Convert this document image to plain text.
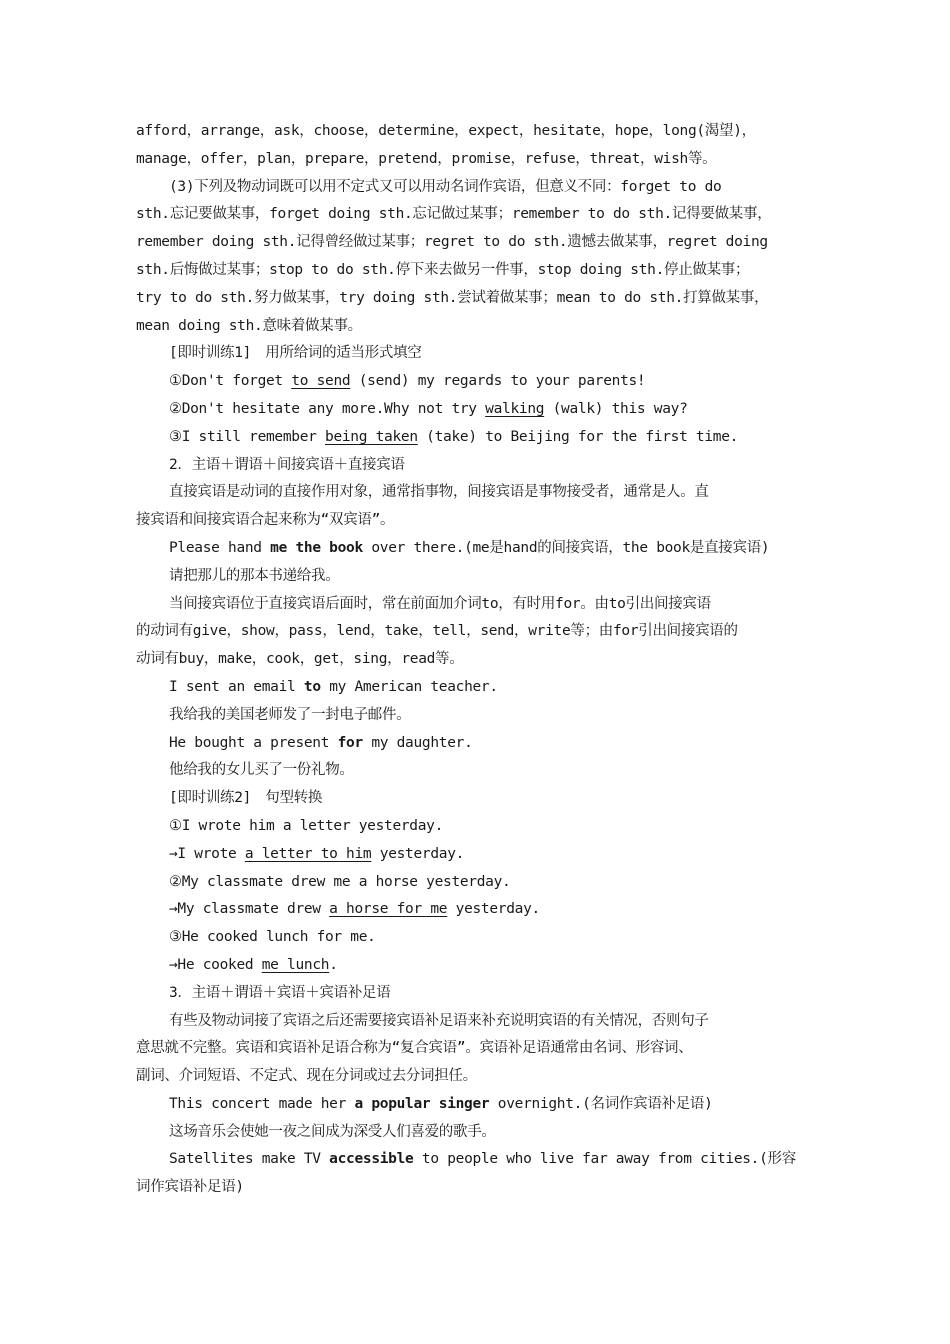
afford，arrange，ask，choose，determine，expect，hesitate，hope，long(渴望)，
manage，offer，plan，prepare，pretend，promise，refuse，threat，wish等。
(3)下列及物动词既可以用不定式又可以用动名词作宾语，但意义不同：forget to do
sth.忘记要做某事，forget doing sth.忘记做过某事；remember to do sth.记得要做某事，
remember doing sth.记得曾经做过某事；regret to do sth.遗憾去做某事，regret doing
sth.后悔做过某事；stop to do sth.停下来去做另一件事，stop doing sth.停止做某事；
try to do sth.努力做某事，try doing sth.尝试着做某事；mean to do sth.打算做某事，
mean doing sth.意味着做某事。
[即时训练1]　用所给词的适当形式填空
①Don't forget to send (send) my regards to your parents!
②Don't hesitate any more.Why not try walking (walk) this way?
③I still remember being taken (take) to Beijing for the first time.
2．主语＋谓语＋间接宾语＋直接宾语
直接宾语是动词的直接作用对象，通常指事物，间接宾语是事物接受者，通常是人。直
接宾语和间接宾语合起来称为“双宾语”。
Please hand me the book over there.(me是hand的间接宾语，the book是直接宾语)
请把那儿的那本书递给我。
当间接宾语位于直接宾语后面时，常在前面加介词to，有时用for。由to引出间接宾语
的动词有give，show，pass，lend，take，tell，send，write等；由for引出间接宾语的
动词有buy，make，cook，get，sing，read等。
I sent an email to my American teacher.
我给我的美国老师发了一封电子邮件。
He bought a present for my daughter.
他给我的女儿买了一份礼物。
[即时训练2]　句型转换
①I wrote him a letter yesterday.
→I wrote a letter to him yesterday.
②My classmate drew me a horse yesterday.
→My classmate drew a horse for me yesterday.
③He cooked lunch for me.
→He cooked me lunch.
3．主语＋谓语＋宾语＋宾语补足语
有些及物动词接了宾语之后还需要接宾语补足语来补充说明宾语的有关情况，否则句子
意思就不完整。宾语和宾语补足语合称为“复合宾语”。宾语补足语通常由名词、形容词、
副词、介词短语、不定式、现在分词或过去分词担任。
This concert made her a popular singer overnight.(名词作宾语补足语)
这场音乐会使她一夜之间成为深受人们喜爱的歌手。
Satellites make TV accessible to people who live far away from cities.(形容
词作宾语补足语)
